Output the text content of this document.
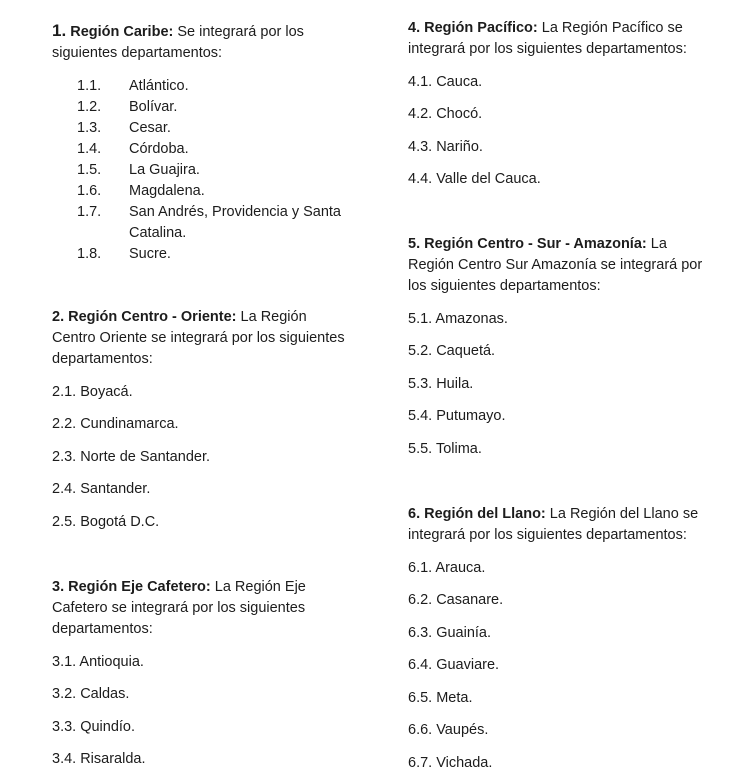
1. Región Caribe: Se integrará por los siguientes departamentos:

1.1.	Atlántico.
1.2.	Bolívar.
1.3.	Cesar.
1.4.	Córdoba.
1.5.	La Guajira.
1.6.	Magdalena.
1.7.	San Andrés, Providencia y Santa Catalina.
1.8.	Sucre.

2. Región Centro - Oriente: La Región Centro Oriente se integrará por los siguientes departamentos:

2.1. Boyacá.
2.2. Cundinamarca.
2.3. Norte de Santander.
2.4. Santander.
2.5. Bogotá D.C.

3. Región Eje Cafetero: La Región Eje Cafetero se integrará por los siguientes departamentos:

3.1. Antioquia.
3.2. Caldas.
3.3. Quindío.
3.4. Risaralda.

4. Región Pacífico: La Región Pacífico se integrará por los siguientes departamentos:

4.1. Cauca.
4.2. Chocó.
4.3. Nariño.
4.4. Valle del Cauca.

5. Región Centro - Sur - Amazonía: La Región Centro Sur Amazonía se integrará por los siguientes departamentos:

5.1. Amazonas.
5.2. Caquetá.
5.3. Huila.
5.4. Putumayo.
5.5. Tolima.

6. Región del Llano: La Región del Llano se integrará por los siguientes departamentos:

6.1. Arauca.
6.2. Casanare.
6.3. Guainía.
6.4. Guaviare.
6.5. Meta.
6.6. Vaupés.
6.7. Vichada.
